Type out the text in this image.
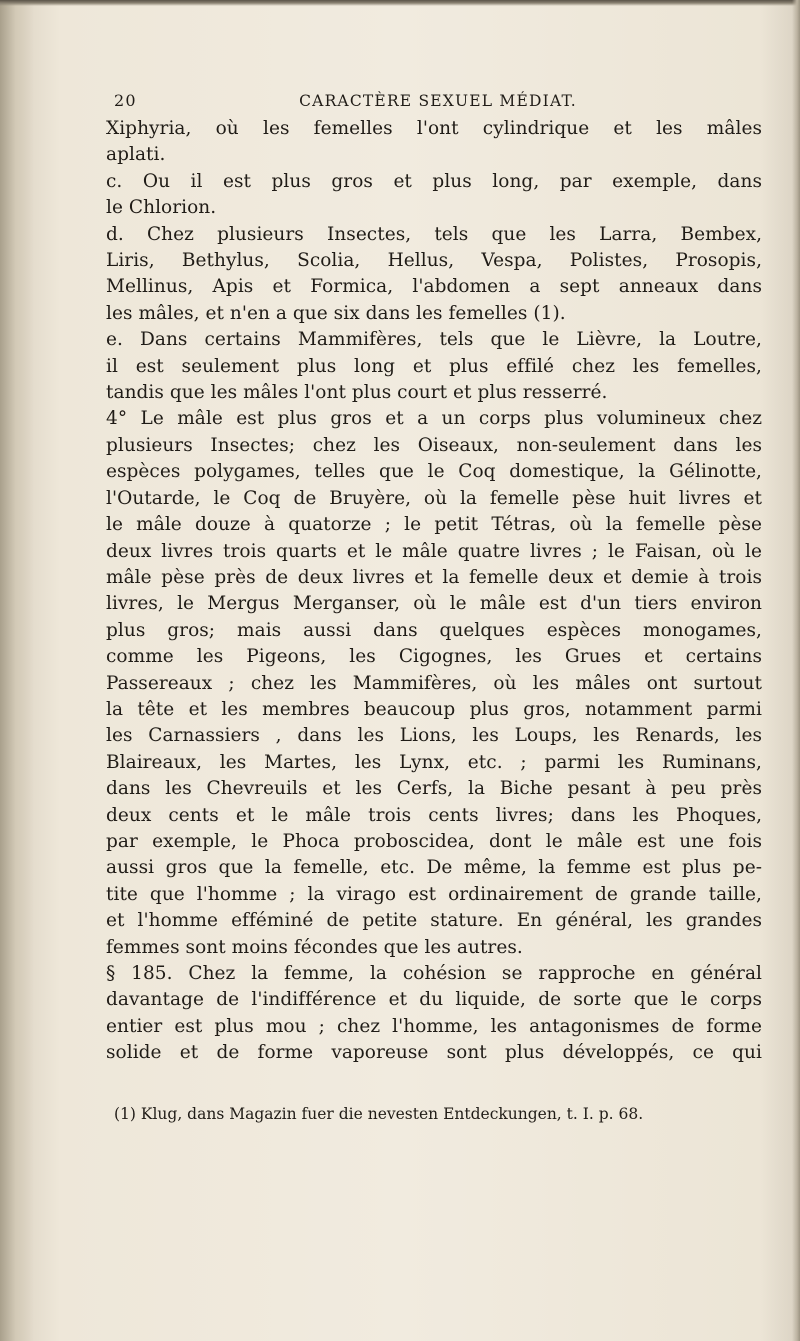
20	CARACTÈRE SEXUEL MÉDIAT.
Xiphyria, où les femelles l'ont cylindrique et les mâles
aplati.
c. Ou il est plus gros et plus long, par exemple, dans
le Chlorion.
d. Chez plusieurs Insectes, tels que les Larra, Bembex,
Liris, Bethylus, Scolia, Hellus, Vespa, Polistes, Prosopis,
Mellinus, Apis et Formica, l'abdomen a sept anneaux dans
les mâles, et n'en a que six dans les femelles (1).
e. Dans certains Mammifères, tels que le Lièvre, la Loutre,
il est seulement plus long et plus effilé chez les femelles,
tandis que les mâles l'ont plus court et plus resserré.
4° Le mâle est plus gros et a un corps plus volumineux chez
plusieurs Insectes; chez les Oiseaux, non-seulement dans les
espèces polygames, telles que le Coq domestique, la Gélinotte,
l'Outarde, le Coq de Bruyère, où la femelle pèse huit livres et
le mâle douze à quatorze ; le petit Tétras, où la femelle pèse
deux livres trois quarts et le mâle quatre livres ; le Faisan, où le
mâle pèse près de deux livres et la femelle deux et demie à trois
livres, le Mergus Merganser, où le mâle est d'un tiers environ
plus gros; mais aussi dans quelques espèces monogames,
comme les Pigeons, les Cigognes, les Grues et certains
Passereaux ; chez les Mammifères, où les mâles ont surtout
la tête et les membres beaucoup plus gros, notamment parmi
les Carnassiers , dans les Lions, les Loups, les Renards, les
Blaireaux, les Martes, les Lynx, etc. ; parmi les Ruminans,
dans les Chevreuils et les Cerfs, la Biche pesant à peu près
deux cents et le mâle trois cents livres; dans les Phoques,
par exemple, le Phoca proboscidea, dont le mâle est une fois
aussi gros que la femelle, etc. De même, la femme est plus pe-
tite que l'homme ; la virago est ordinairement de grande taille,
et l'homme efféminé de petite stature. En général, les grandes
femmes sont moins fécondes que les autres.
§ 185. Chez la femme, la cohésion se rapproche en général
davantage de l'indifférence et du liquide, de sorte que le corps
entier est plus mou ; chez l'homme, les antagonismes de forme
solide et de forme vaporeuse sont plus développés, ce qui
(1) Klug, dans Magazin fuer die nevesten Entdeckungen, t. I. p. 68.
